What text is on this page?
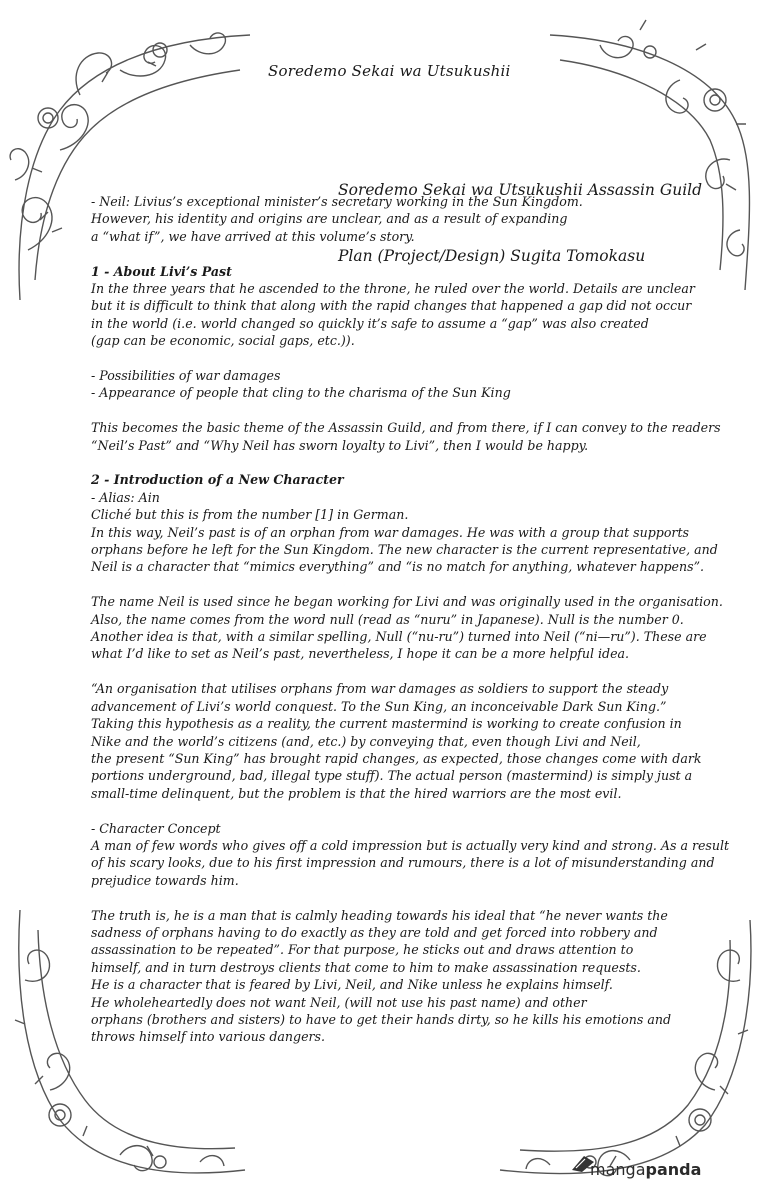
Soredemo Sekai wa Utsukushii

Soredemo Sekai wa Utsukushii Assassin Guild

Plan (Project/Design) Sugita Tomokasu

- Neil: Livius’s exceptional minister’s secretary working in the Sun Kingdom.
However, his identity and origins are unclear, and as a result of expanding
a “what if”, we have arrived at this volume’s story.
1 - About Livi’s Past
In the three years that he ascended to the throne, he ruled over the world. Details are unclear
but it is difficult to think that along with the rapid changes that happened a gap did not occur
in the world (i.e. world changed so quickly it’s safe to assume a “gap” was also created
(gap can be economic, social gaps, etc.)).
- Possibilities of war damages
- Appearance of people that cling to the charisma of the Sun King
This becomes the basic theme of the Assassin Guild, and from there, if I can convey to the readers
“Neil’s Past” and “Why Neil has sworn loyalty to Livi”, then I would be happy.
2 - Introduction of a New Character
- Alias: Ain
Cliché but this is from the number [1] in German.
In this way, Neil’s past is of an orphan from war damages. He was with a group that supports
orphans before he left for the Sun Kingdom. The new character is the current representative, and
Neil is a character that “mimics everything” and “is no match for anything, whatever happens”.
The name Neil is used since he began working for Livi and was originally used in the organisation.
Also, the name comes from the word null (read as “nuru” in Japanese). Null is the number 0.
Another idea is that, with a similar spelling, Null (“nu-ru”) turned into Neil (“ni—ru”). These are
what I’d like to set as Neil’s past, nevertheless, I hope it can be a more helpful idea.
“An organisation that utilises orphans from war damages as soldiers to support the steady
advancement of Livi’s world conquest. To the Sun King, an inconceivable Dark Sun King.”
Taking this hypothesis as a reality, the current mastermind is working to create confusion in
Nike and the world’s citizens (and, etc.) by conveying that, even though Livi and Neil,
the present “Sun King” has brought rapid changes, as expected, those changes come with dark
portions underground, bad, illegal type stuff). The actual person (mastermind) is simply just a
small-time delinquent, but the problem is that the hired warriors are the most evil.
- Character Concept
A man of few words who gives off a cold impression but is actually very kind and strong. As a result
of his scary looks, due to his first impression and rumours, there is a lot of misunderstanding and
prejudice towards him.
The truth is, he is a man that is calmly heading towards his ideal that “he never wants the
sadness of orphans having to do exactly as they are told and get forced into robbery and
assassination to be repeated”. For that purpose, he sticks out and draws attention to
himself, and in turn destroys clients that come to him to make assassination requests.
He is a character that is feared by Livi, Neil, and Nike unless he explains himself.
He wholeheartedly does not want Neil, (will not use his past name) and other
orphans (brothers and sisters) to have to get their hands dirty, so he kills his emotions and
throws himself into various dangers.
mangapanda
